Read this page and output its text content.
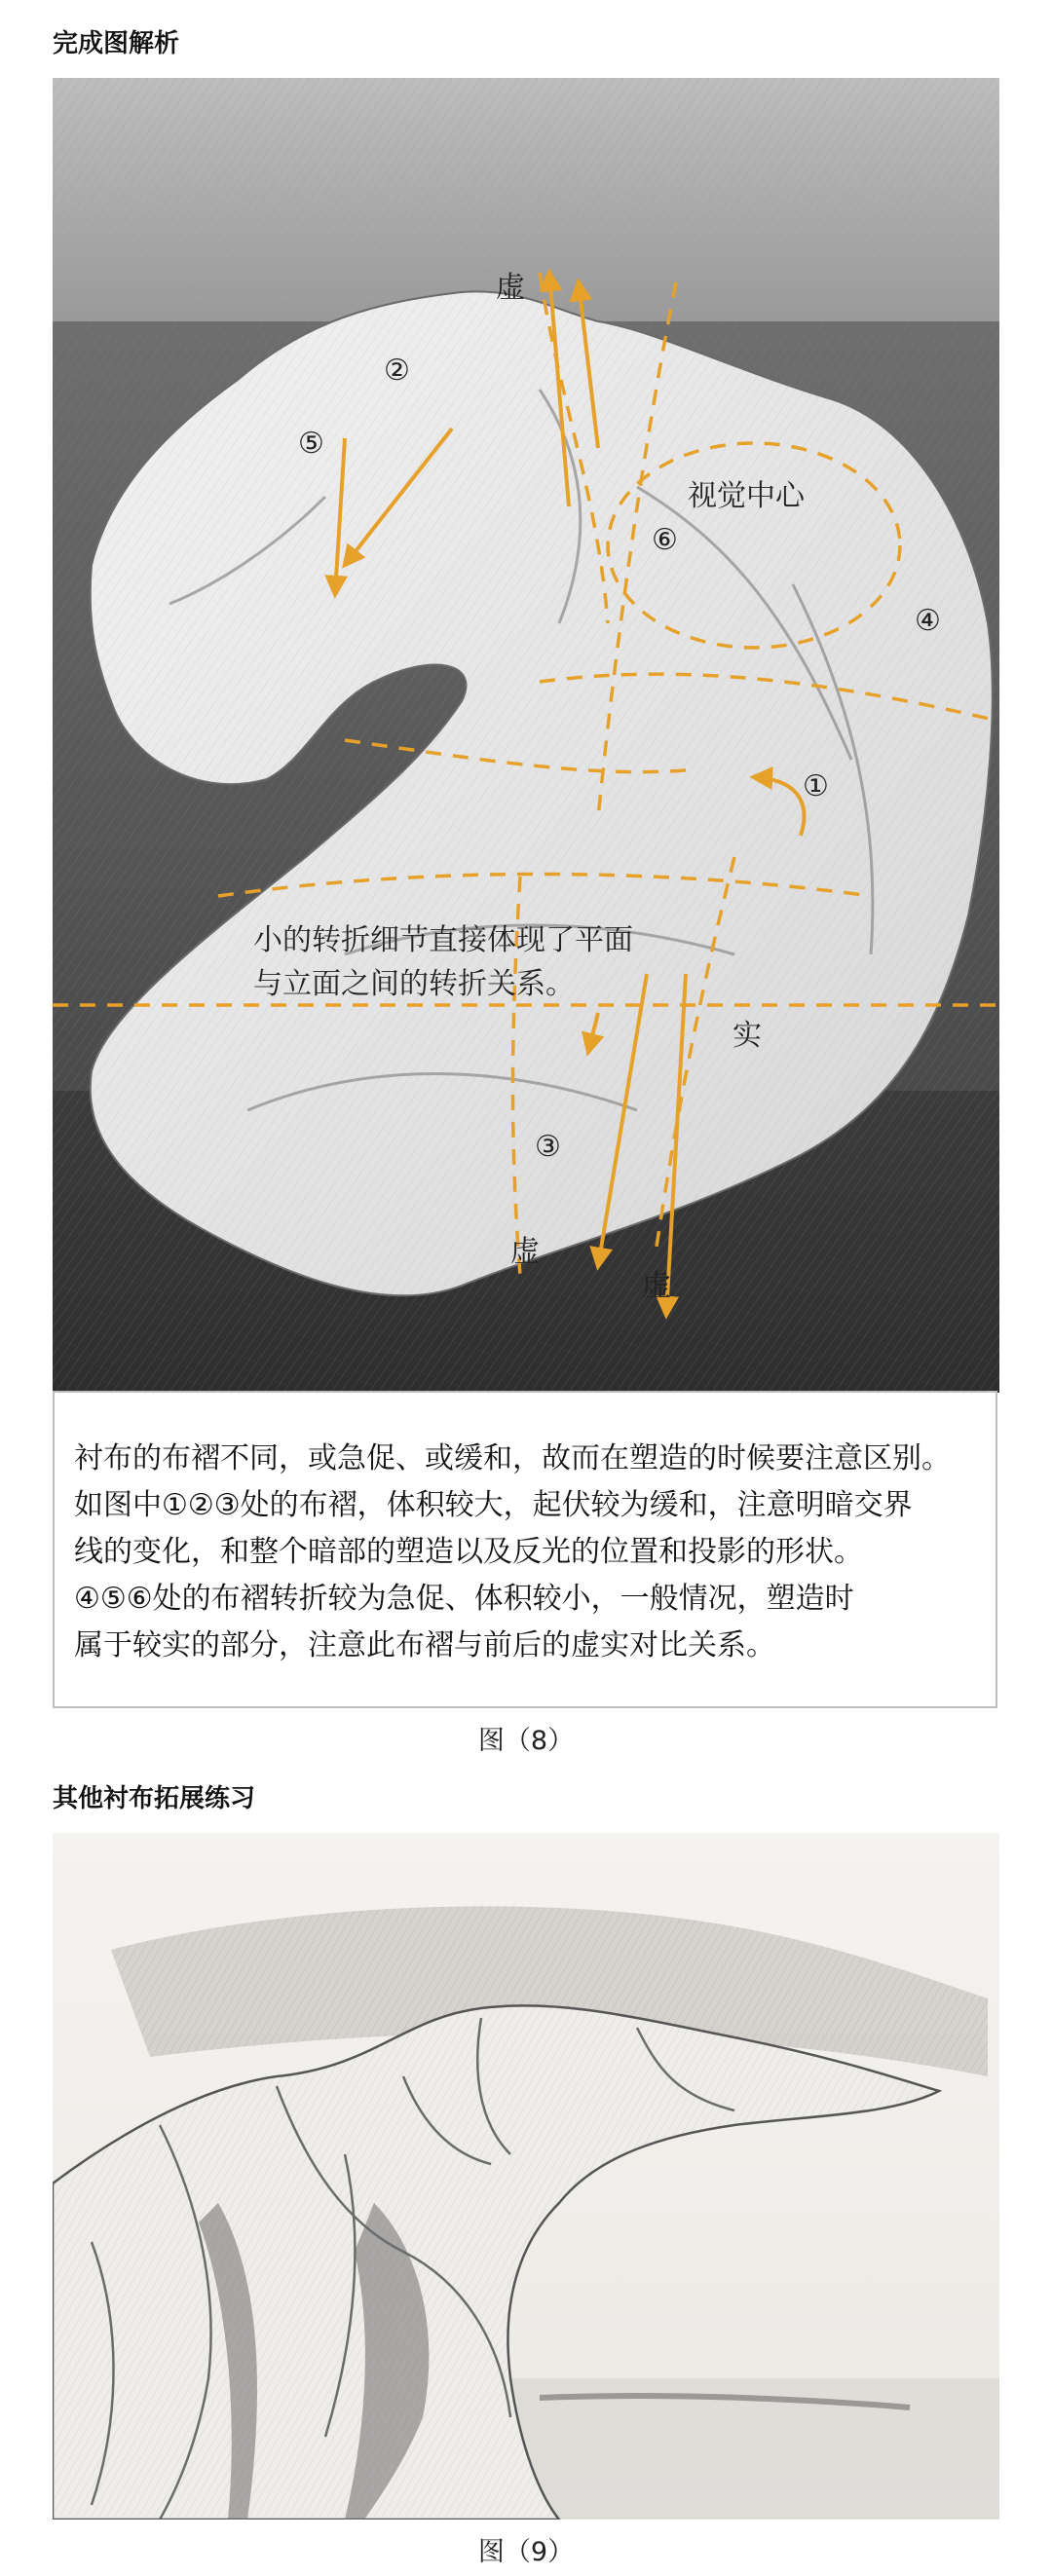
完成图解析
虚
②
⑤
视觉中心
⑥
④
①
小的转折细节直接体现了平面
与立面之间的转折关系。
实
③
虚
虚

衬布的布褶不同，或急促、或缓和，故而在塑造的时候要注意区别。

如图中①②③处的布褶，体积较大，起伏较为缓和，注意明暗交界

线的变化，和整个暗部的塑造以及反光的位置和投影的形状。

④⑤⑥处的布褶转折较为急促、体积较小，一般情况，塑造时

属于较实的部分，注意此布褶与前后的虚实对比关系。

图（8）
其他衬布拓展练习
图（9）
